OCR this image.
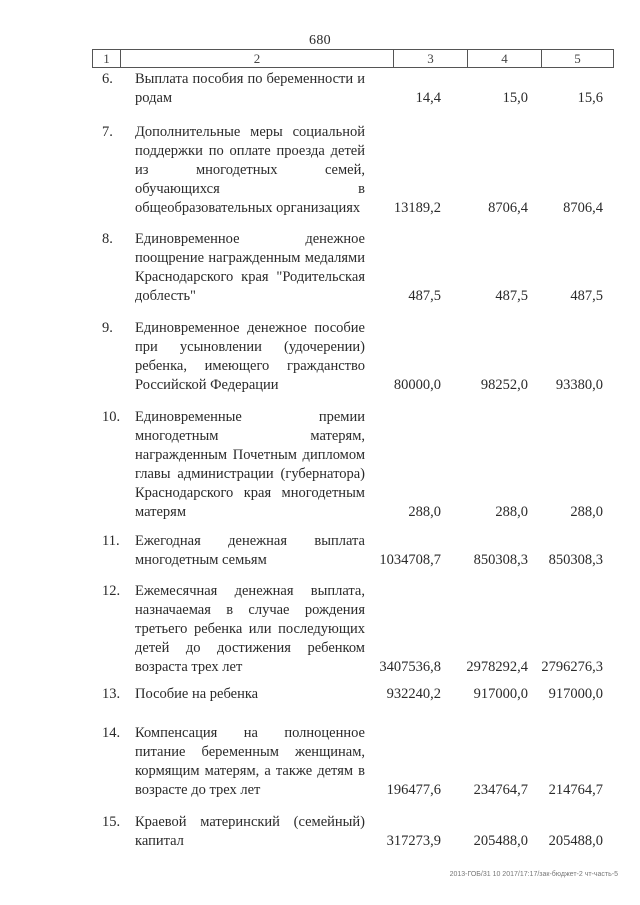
680
1	2	3	4	5
6.	Выплата пособия по беременности и родам	14,4	15,0	15,6
7.	Дополнительные меры социальной поддержки по оплате проезда детей из многодетных семей, обучающихся в общеобразовательных организациях	13189,2	8706,4	8706,4
8.	Единовременное денежное поощрение награжденным медалями Краснодарского края "Родительская доблесть"	487,5	487,5	487,5
9.	Единовременное денежное пособие при усыновлении (удочерении) ребенка, имеющего гражданство Российской Федерации	80000,0	98252,0	93380,0
10.	Единовременные премии многодетным матерям, награжденным Почетным дипломом главы администрации (губернатора) Краснодарского края многодетным матерям	288,0	288,0	288,0
11.	Ежегодная денежная выплата многодетным семьям	1034708,7	850308,3	850308,3
12.	Ежемесячная денежная выплата, назначаемая в случае рождения третьего ребенка или последующих детей до достижения ребенком возраста трех лет	3407536,8	2978292,4 2796276,3
13.	Пособие на ребенка	932240,2	917000,0	917000,0
14.	Компенсация на полноценное питание беременным женщинам, кормящим матерям, а также детям в возрасте до трех лет	196477,6	234764,7	214764,7
15.	Краевой материнский (семейный) капитал	317273,9	205488,0	205488,0
2013-ГОБ/31 10 2017/17:17/зак-бюджет-2 чт-часть-5
